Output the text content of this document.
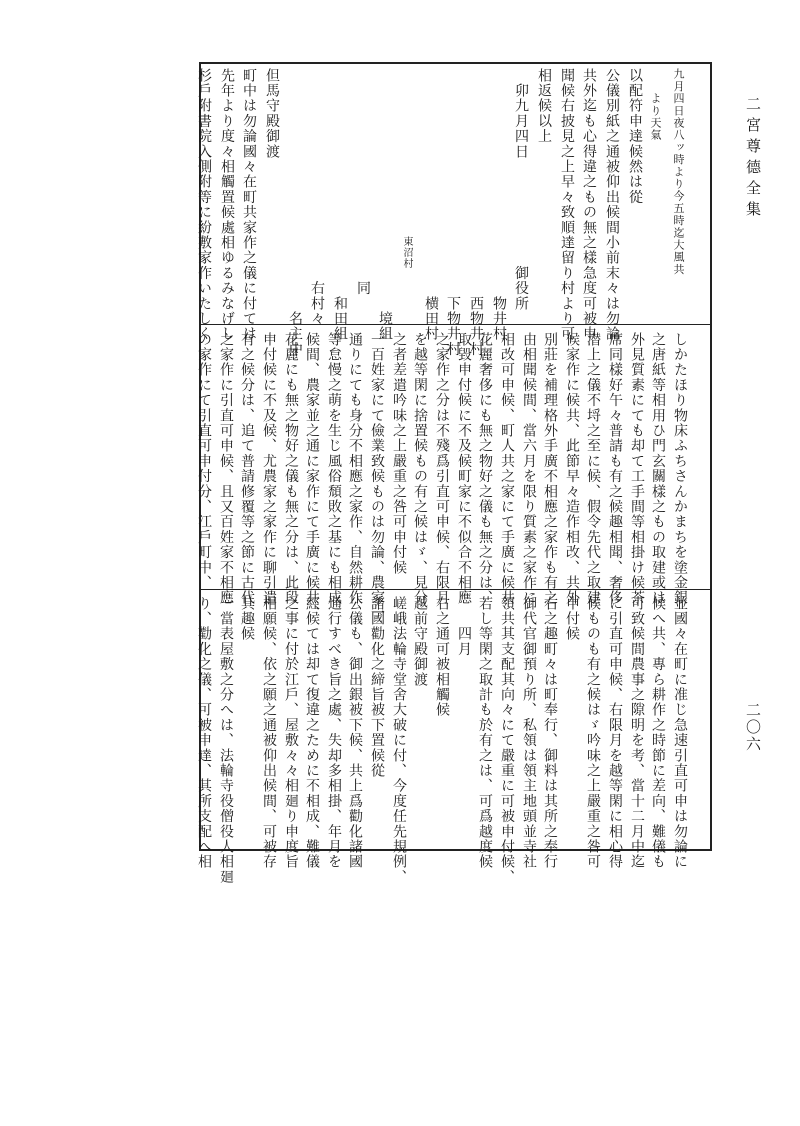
二宮尊德全集
二〇六
九月四日夜八ッ時より今五時迄大風共
　　より天氣
以配符申達候然は從
公儀別紙之通被仰出候間小前末々は勿論
共外迄も心得違之もの無之樣急度可被申
聞候右披見之上早々致順達留り村より可
相返候以上
　卯九月四日　　　　　　　御役所
　　　　　　　　　　　　　　　物井村
　　　　　　　　　　　　　　　西物井村
　　　　　　　　　　　　　　　下物井村
　　　　　　　　　　　　　　　横田村
　　　　　　　　　　　　　　　東沼村
　　　　　　　　　　　　　　　　境組
　　　　　　　　　　　　　　同
　　　　　　　　　　　　　　　和田組
　　　　　　　　　　　　　　右村々
　　　　　　　　　　　　　　　　名主中
但馬守殿御渡
町中は勿論國々在町共家作之儀に付ては
先年より度々相觸置候處相ゆるみなげし
杉戶附書院入側附等に紛敷家作いたしく
しかたほり物床ふちさんかまちを塗金銀
之唐紙等相用ひ門玄關樣之もの取建或は
外見質素にても却て工手間等相掛け候茶
席同樣好午々普請も有之候趣相聞、奢侈
潜上之儀不埒之至に候、假令先代之取建
候家作に候共、此節早々造作相改、共外
別莊を補理格外手廣不相應之家作も有之
由相聞候間、當六月を限り質素之家作に
相改可申候、町人共之家にて手廣に候共
花麗奢侈にも無之物好之儀も無之分は、
取毀申付候に不及候町家に不似合不相應
之家作之分は不殘爲引直可申候、右限月
を越等閑に捨置候もの有之候はゞ、見分
之者差遣吟味之上嚴重之咎可申付候
一百姓家にて儉業致候ものは勿論、農家一
通りにても身分不相應之家作、自然耕作
等怠慢之萌を生じ風俗頹敗之基にも相成
候間、農家並之通に家作にて手廣に候共、
花麗にも無之物好之儀も無之分は、此段
申付候に不及候、尤農家之家作に聊引遣
有之候分は、追て普請修覆等之節に古代
之家作に引直可申候、且又百姓家不相應
の家作にて引直可申付分、江戶町中、
並國々在町に准じ急速引直可申は勿論に
候へ共、專ら耕作之時節に差向、難儀も
可致候間農事之隙明を考、當十二月中迄
に引直可申候、右限月を越等閑に相心得
候ものも有之候はゞ吟味之上嚴重之咎可
申付候
右之趣町々は町奉行、御料は其所之奉行
御代官御預り所、私領は領主地頭並寺社
領共其支配其向々にて嚴重に可被申付候、
若し等閑之取計も於有之は、可爲越度候
　　四月
右之通可被相觸候
越前守殿御渡
嵯峨法輪寺堂舍大破に付、今度任先規例、
諸國勸化之締旨被下置候從
公儀も、御出銀被下候、共上爲勸化諸國
通行すべき旨之處、失却多相掛、年月を
經候ては却て復違之ために不相成、難儀
之事に付於江戶、屋敷々々相廻り申度旨
相願候、依之願之通被仰出候間、可被存
其趣候
一當表屋敷之分へは、法輪寺役僧役人相廻
り、勸化之儀、可被申達、其所支配へ相
